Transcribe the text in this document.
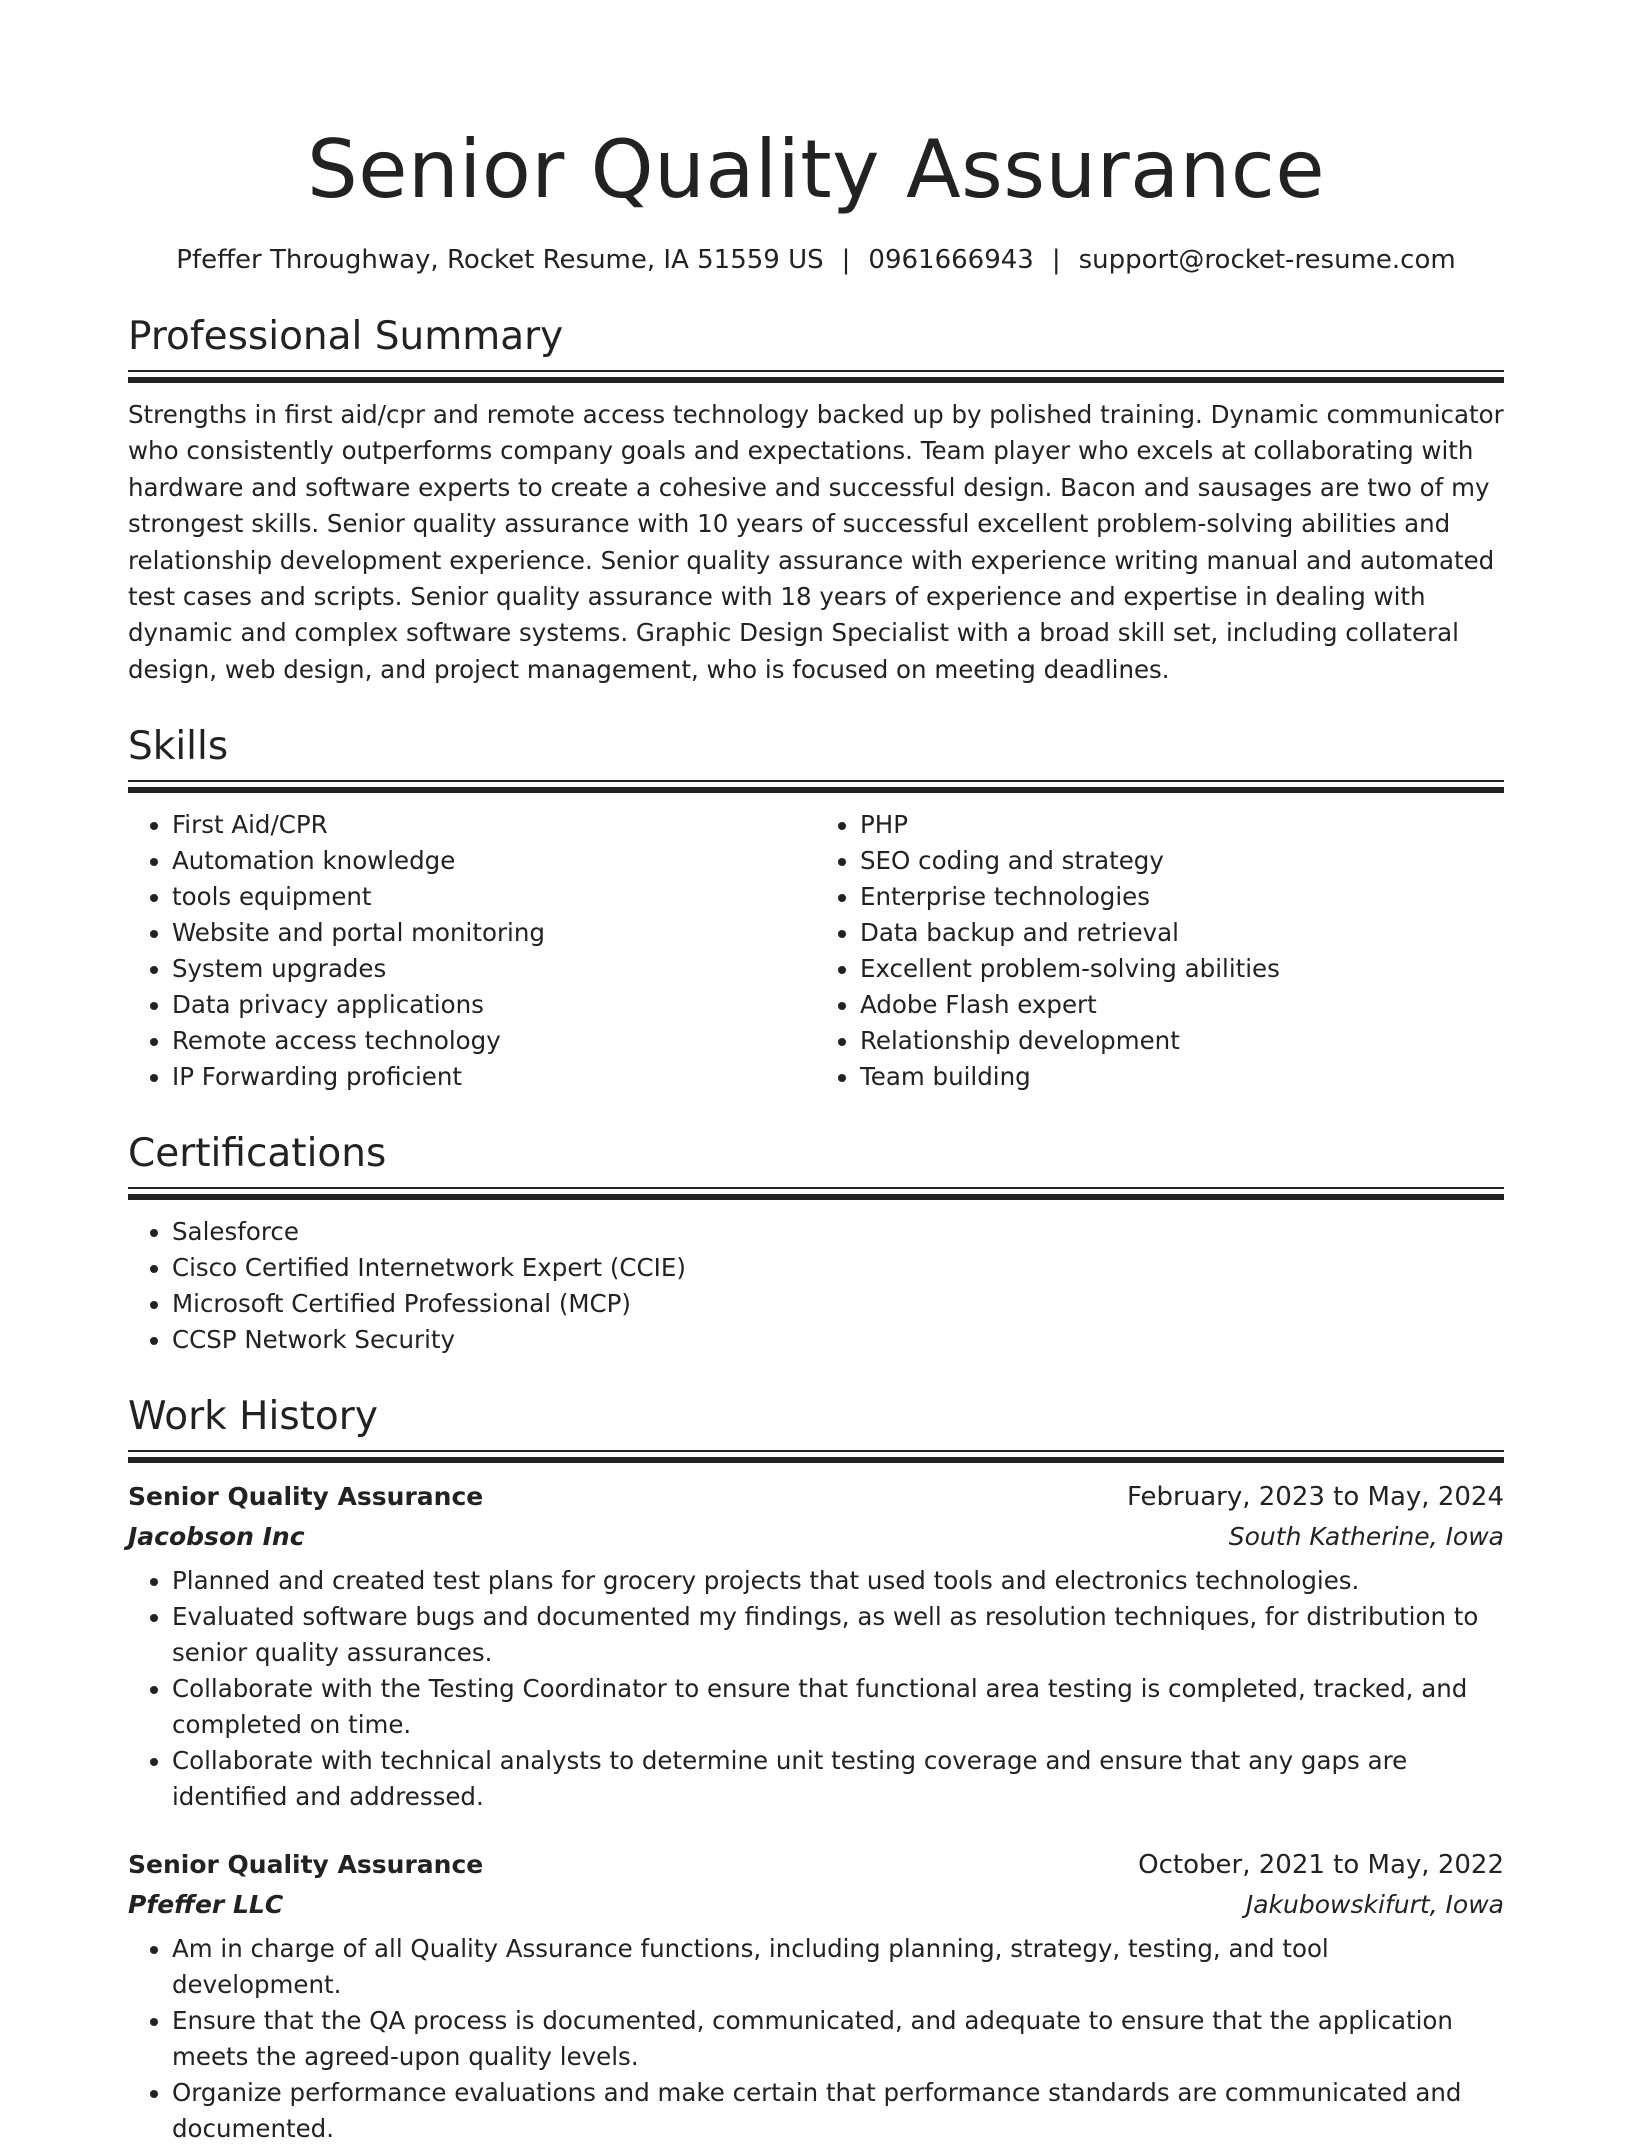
Senior Quality Assurance
Pfeffer Throughway, Rocket Resume, IA 51559 US | 0961666943 | support@rocket-resume.com
Professional Summary

Strengths in first aid/cpr and remote access technology backed up by polished training. Dynamic communicator who consistently outperforms company goals and expectations. Team player who excels at collaborating with hardware and software experts to create a cohesive and successful design. Bacon and sausages are two of my strongest skills. Senior quality assurance with 10 years of successful excellent problem-solving abilities and relationship development experience. Senior quality assurance with experience writing manual and automated test cases and scripts. Senior quality assurance with 18 years of experience and expertise in dealing with dynamic and complex software systems. Graphic Design Specialist with a broad skill set, including collateral design, web design, and project management, who is focused on meeting deadlines.

Skills
• First Aid/CPR
• Automation knowledge
• tools equipment
• Website and portal monitoring
• System upgrades
• Data privacy applications
• Remote access technology
• IP Forwarding proficient
• PHP
• SEO coding and strategy
• Enterprise technologies
• Data backup and retrieval
• Excellent problem-solving abilities
• Adobe Flash expert
• Relationship development
• Team building
Certifications
• Salesforce
• Cisco Certified Internetwork Expert (CCIE)
• Microsoft Certified Professional (MCP)
• CCSP Network Security
Work History
Senior Quality Assurance	February, 2023 to May, 2024
Jacobson Inc	South Katherine, Iowa
• Planned and created test plans for grocery projects that used tools and electronics technologies.
• Evaluated software bugs and documented my findings, as well as resolution techniques, for distribution to senior quality assurances.
• Collaborate with the Testing Coordinator to ensure that functional area testing is completed, tracked, and completed on time.
• Collaborate with technical analysts to determine unit testing coverage and ensure that any gaps are identified and addressed.
Senior Quality Assurance	October, 2021 to May, 2022
Pfeffer LLC	Jakubowskifurt, Iowa
• Am in charge of all Quality Assurance functions, including planning, strategy, testing, and tool development.
• Ensure that the QA process is documented, communicated, and adequate to ensure that the application meets the agreed-upon quality levels.
• Organize performance evaluations and make certain that performance standards are communicated and documented.
